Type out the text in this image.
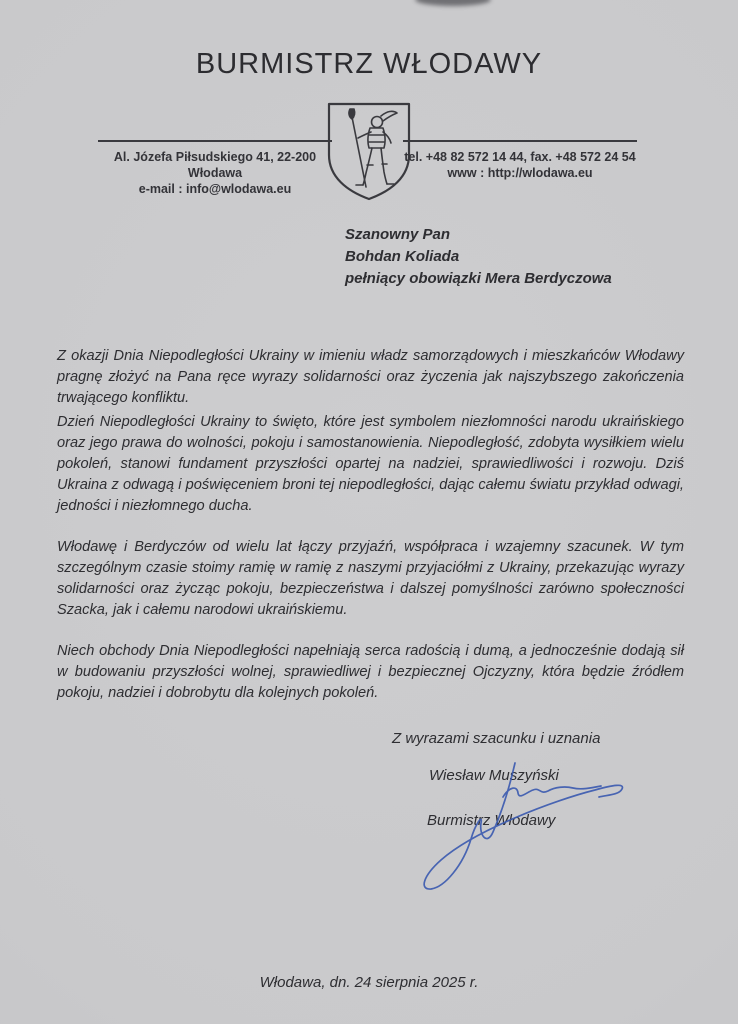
BURMISTRZ WŁODAWY
Al. Józefa Piłsudskiego 41, 22-200 Włodawa
e-mail : info@wlodawa.eu
tel. +48 82 572 14 44, fax. +48 572 24 54
www : http://wlodawa.eu
Szanowny Pan
Bohdan Koliada
pełniący obowiązki Mera Berdyczowa
Z okazji Dnia Niepodległości Ukrainy w imieniu władz samorządowych i mieszkańców Włodawy pragnę złożyć na Pana ręce wyrazy solidarności oraz życzenia jak najszybszego zakończenia trwającego konfliktu.
Dzień Niepodległości Ukrainy to święto, które jest symbolem niezłomności narodu ukraińskiego oraz jego prawa do wolności, pokoju i samostanowienia. Niepodległość, zdobyta wysiłkiem wielu pokoleń, stanowi fundament przyszłości opartej na nadziei, sprawiedliwości i rozwoju. Dziś Ukraina z odwagą i poświęceniem broni tej niepodległości, dając całemu światu przykład odwagi, jedności i niezłomnego ducha.
Włodawę i Berdyczów od wielu lat łączy przyjaźń, współpraca i wzajemny szacunek. W tym szczególnym czasie stoimy ramię w ramię z naszymi przyjaciółmi z Ukrainy, przekazując wyrazy solidarności oraz życząc pokoju, bezpieczeństwa i dalszej pomyślności zarówno społeczności Szacka, jak i całemu narodowi ukraińskiemu.
Niech obchody Dnia Niepodległości napełniają serca radością i dumą, a jednocześnie dodają sił w budowaniu przyszłości wolnej, sprawiedliwej i bezpiecznej Ojczyzny, która będzie źródłem pokoju, nadziei i dobrobytu dla kolejnych pokoleń.
Z wyrazami szacunku i uznania
Wiesław Muszyński
Burmistrz Włodawy
Włodawa, dn. 24 sierpnia 2025 r.
